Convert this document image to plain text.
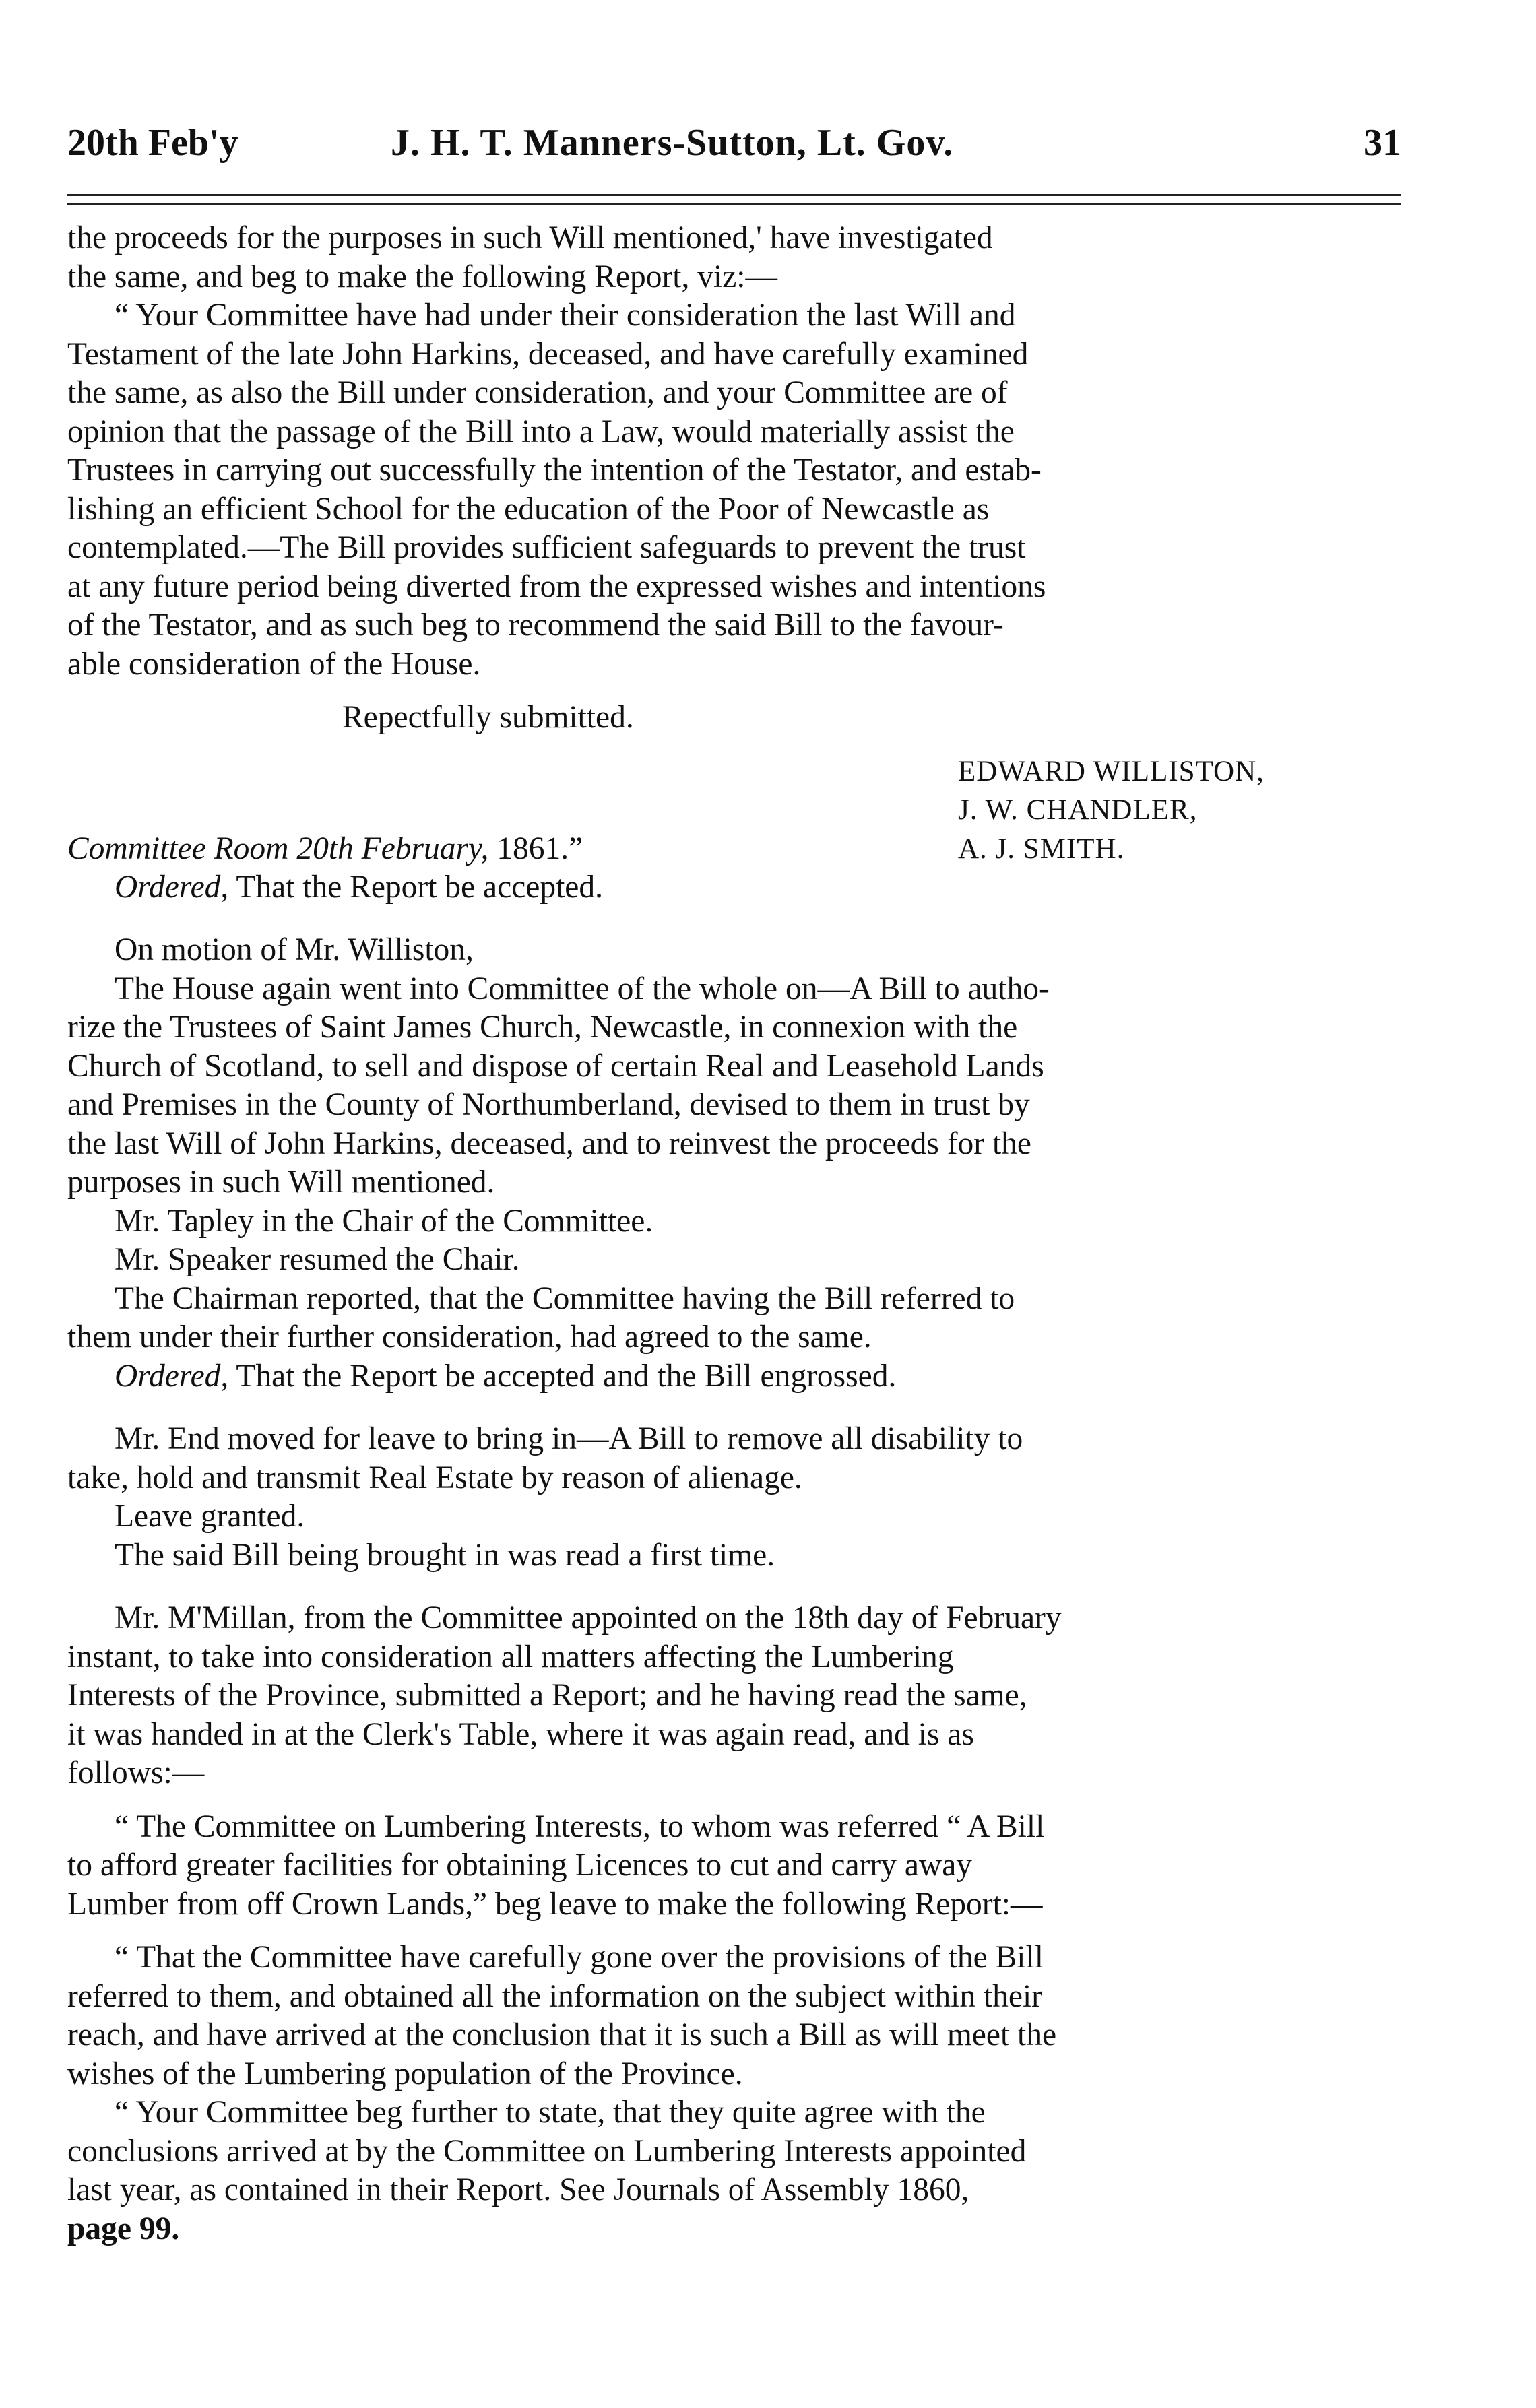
20th Feb'y	J. H. T. Manners-Sutton, Lt. Gov.	31
the proceeds for the purposes in such Will mentioned,' have investigated
the same, and beg to make the following Report, viz:—
“ Your Committee have had under their consideration the last Will and
Testament of the late John Harkins, deceased, and have carefully examined
the same, as also the Bill under consideration, and your Committee are of
opinion that the passage of the Bill into a Law, would materially assist the
Trustees in carrying out successfully the intention of the Testator, and estab-
lishing an efficient School for the education of the Poor of Newcastle as
contemplated.—The Bill provides sufficient safeguards to prevent the trust
at any future period being diverted from the expressed wishes and intentions
of the Testator, and as such beg to recommend the said Bill to the favour-
able consideration of the House.
Repectfully submitted.
EDWARD WILLISTON,
J. W. CHANDLER,
A. J. SMITH.
Committee Room 20th February, 1861.”
Ordered, That the Report be accepted.
On motion of Mr. Williston,
The House again went into Committee of the whole on—A Bill to autho-
rize the Trustees of Saint James Church, Newcastle, in connexion with the
Church of Scotland, to sell and dispose of certain Real and Leasehold Lands
and Premises in the County of Northumberland, devised to them in trust by
the last Will of John Harkins, deceased, and to reinvest the proceeds for the
purposes in such Will mentioned.
Mr. Tapley in the Chair of the Committee.
Mr. Speaker resumed the Chair.
The Chairman reported, that the Committee having the Bill referred to
them under their further consideration, had agreed to the same.
Ordered, That the Report be accepted and the Bill engrossed.
Mr. End moved for leave to bring in—A Bill to remove all disability to
take, hold and transmit Real Estate by reason of alienage.
Leave granted.
The said Bill being brought in was read a first time.
Mr. M'Millan, from the Committee appointed on the 18th day of February
instant, to take into consideration all matters affecting the Lumbering
Interests of the Province, submitted a Report; and he having read the same,
it was handed in at the Clerk's Table, where it was again read, and is as
follows:—
“ The Committee on Lumbering Interests, to whom was referred “ A Bill
to afford greater facilities for obtaining Licences to cut and carry away
Lumber from off Crown Lands,” beg leave to make the following Report:—
“ That the Committee have carefully gone over the provisions of the Bill
referred to them, and obtained all the information on the subject within their
reach, and have arrived at the conclusion that it is such a Bill as will meet the
wishes of the Lumbering population of the Province.
“ Your Committee beg further to state, that they quite agree with the
conclusions arrived at by the Committee on Lumbering Interests appointed
last year, as contained in their Report. See Journals of Assembly 1860,
page 99.
